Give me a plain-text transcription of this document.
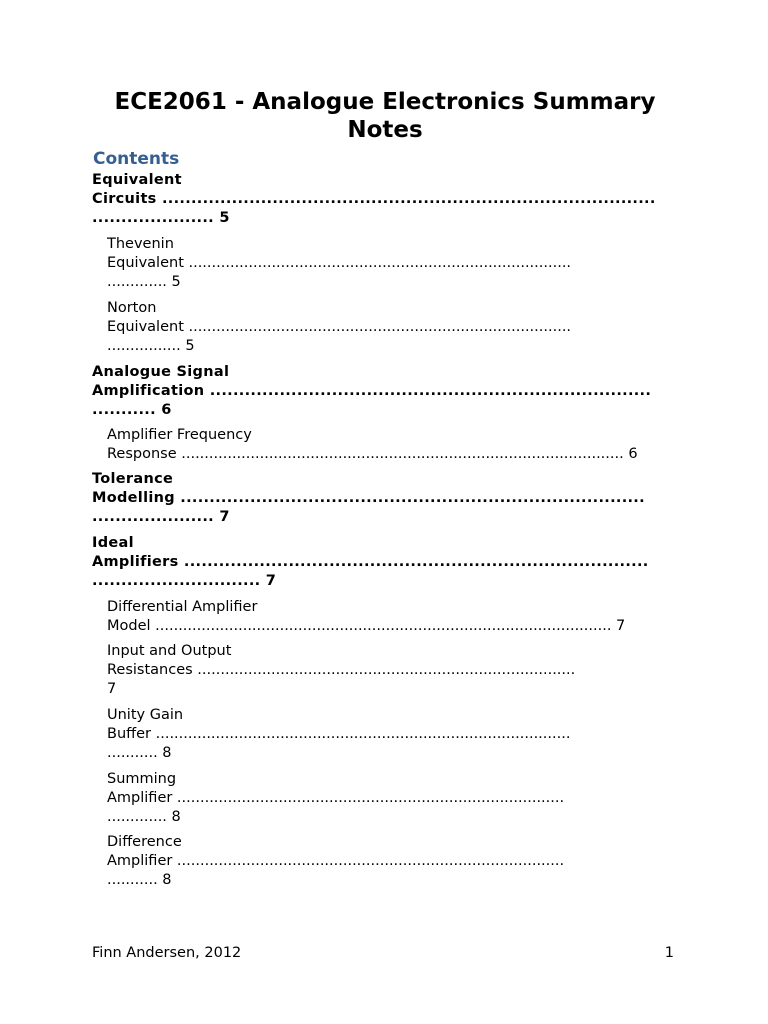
ECE2061 - Analogue Electronics Summary
Notes
Contents
Equivalent
Circuits .....................................................................................
..................... 5
Thevenin
Equivalent ...................................................................................
............. 5
Norton
Equivalent ...................................................................................
................ 5
Analogue Signal
Amplification ............................................................................
........... 6
Amplifier Frequency
Response ................................................................................................ 6
Tolerance
Modelling ................................................................................
..................... 7
Ideal
Amplifiers ................................................................................
............................. 7
Differential Amplifier
Model ................................................................................................... 7
Input and Output
Resistances ..................................................................................
7
Unity Gain
Buffer ..........................................................................................
........... 8
Summing
Amplifier ....................................................................................
............. 8
Difference
Amplifier ....................................................................................
........... 8
Finn Andersen, 2012	1
